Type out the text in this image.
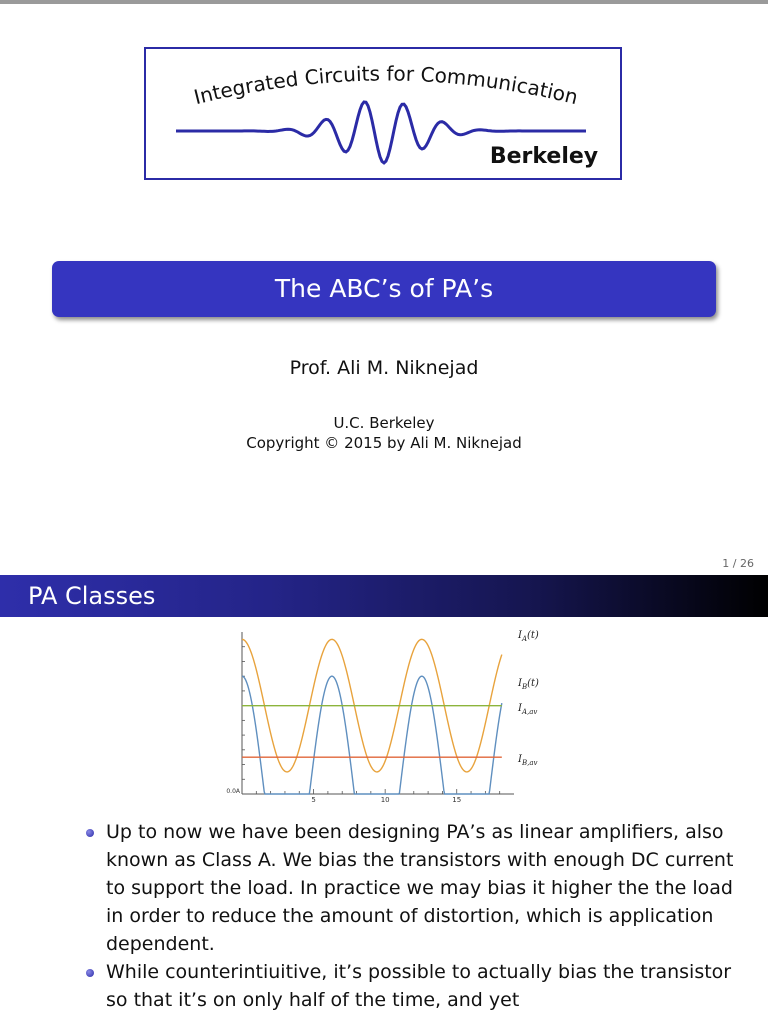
Integrated Circuits for Communication
Berkeley
The ABC’s of PA’s
Prof. Ali M. Niknejad
U.C. Berkeley
Copyright © 2015 by Ali M. Niknejad
1 / 26
PA Classes
5	10	15
0.0A
$I_A(t)$
$I_B(t)$
$I_{A,av}$
$I_{B,av}$
Up to now we have been designing PA’s as linear amplifiers, also known as Class A. We bias the transistors with enough DC current to support the load. In practice we may bias it higher the the load in order to reduce the amount of distortion, which is application dependent.
While counterintiuitive, it’s possible to actually bias the transistor so that it’s on only half of the time, and yet
